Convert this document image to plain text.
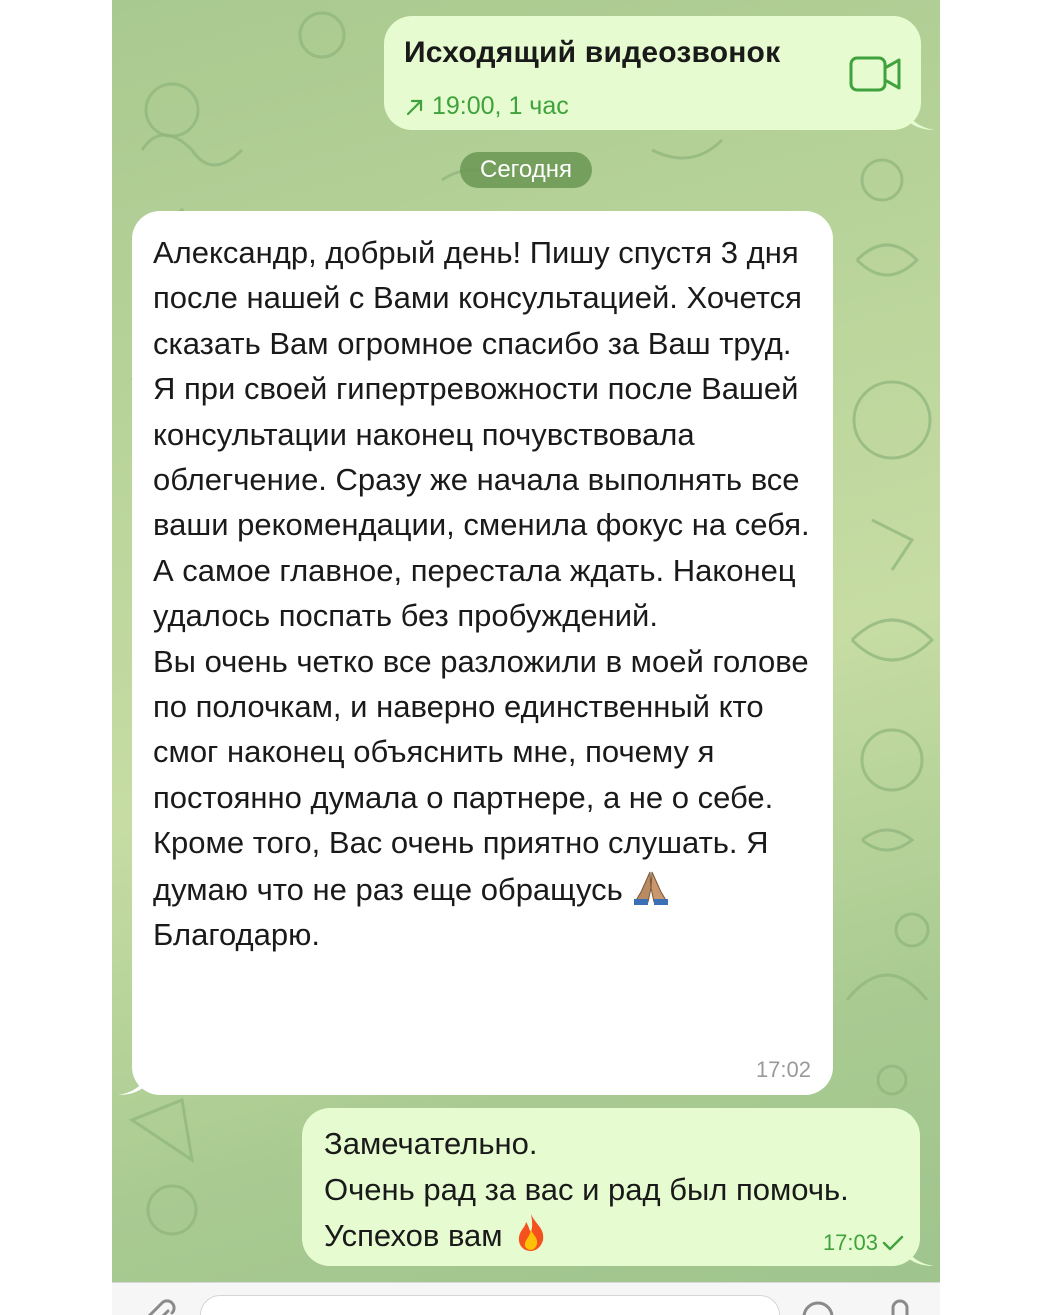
Исходящий видеозвонок
19:00, 1 час
Сегодня
Александр, добрый день! Пишу спустя 3 дня после нашей с Вами консультацией. Хочется сказать Вам огромное спасибо за Ваш труд. Я при своей гипертревожности после Вашей консультации наконец почувствовала облегчение. Сразу же начала выполнять все ваши рекомендации, сменила фокус на себя. А самое главное, перестала ждать. Наконец удалось поспать без пробуждений.
Вы очень четко все разложили в моей голове по полочкам, и наверно единственный кто смог наконец объяснить мне, почему я постоянно думала о партнере, а не о себе. Кроме того, Вас очень приятно слушать. Я думаю что не раз еще обращусь
Благодарю.
17:02
Замечательно.
Очень рад за вас и рад был помочь.
Успехов вам	17:03
